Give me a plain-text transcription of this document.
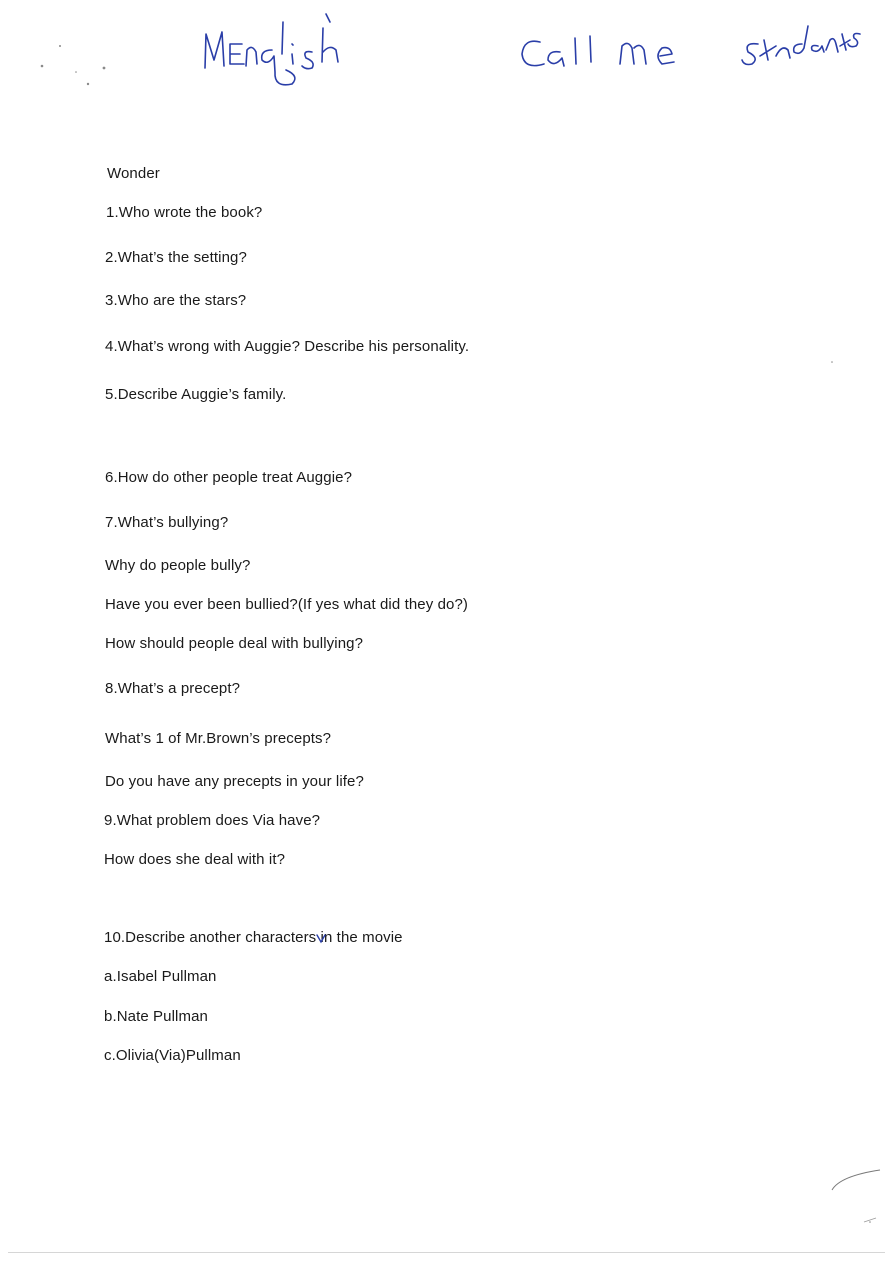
Wonder

1.Who wrote the book?

2.What’s the setting?

3.Who are the stars?

4.What’s wrong with Auggie? Describe his personality.

5.Describe Auggie’s family.

6.How do other people treat Auggie?

7.What’s bullying?

Why do people bully?

Have you ever been bullied?(If yes what did they do?)

How should people deal with bullying?

8.What’s a precept?

What’s 1 of Mr.Brown’s precepts?

Do you have any precepts in your life?

9.What problem does Via have?

How does she deal with it?

10.Describe another characters in the movie

a.Isabel Pullman

b.Nate Pullman

c.Olivia(Via)Pullman
